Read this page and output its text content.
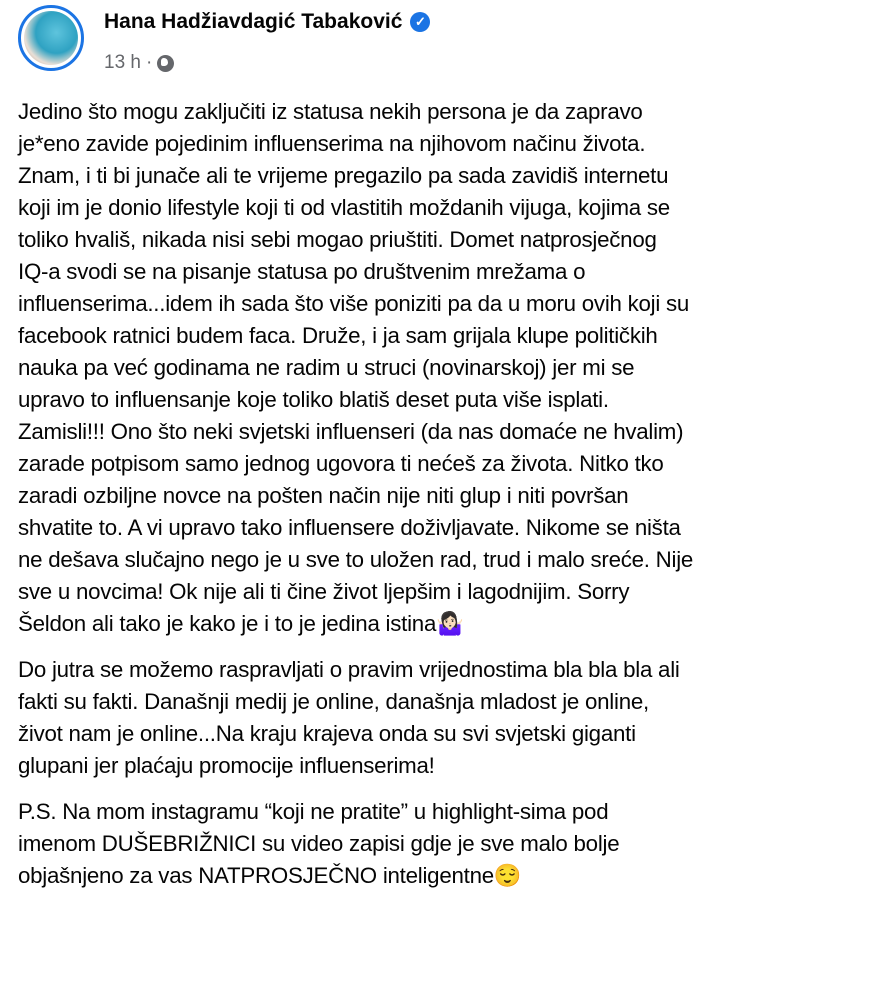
Hana Hadžiavdagić Tabaković ✓
13 h ·
Jedino što mogu zaključiti iz statusa nekih persona je da zapravo
je*eno zavide pojedinim influenserima na njihovom načinu života.
Znam, i ti bi junače ali te vrijeme pregazilo pa sada zavidiš internetu
koji im je donio lifestyle koji ti od vlastitih moždanih vijuga, kojima se
toliko hvališ, nikada nisi sebi mogao priuštiti. Domet natprosječnog
IQ-a svodi se na pisanje statusa po društvenim mrežama o
influenserima...idem ih sada što više poniziti pa da u moru ovih koji su
facebook ratnici budem faca. Druže, i ja sam grijala klupe političkih
nauka pa već godinama ne radim u struci (novinarskoj) jer mi se
upravo to influensanje koje toliko blatiš deset puta više isplati.
Zamisli!!! Ono što neki svjetski influenseri (da nas domaće ne hvalim)
zarade potpisom samo jednog ugovora ti nećeš za života. Nitko tko
zaradi ozbiljne novce na pošten način nije niti glup i niti površan
shvatite to. A vi upravo tako influensere doživljavate. Nikome se ništa
ne dešava slučajno nego je u sve to uložen rad, trud i malo sreće. Nije
sve u novcima! Ok nije ali ti čine život ljepšim i lagodnijim. Sorry
Šeldon ali tako je kako je i to je jedina istina🤷🏻‍♀️
Do jutra se možemo raspravljati o pravim vrijednostima bla bla bla ali
fakti su fakti. Današnji medij je online, današnja mladost je online,
život nam je online...Na kraju krajeva onda su svi svjetski giganti
glupani jer plaćaju promocije influenserima!
P.S. Na mom instagramu “koji ne pratite” u highlight-sima pod
imenom DUŠEBRIŽNICI su video zapisi gdje je sve malo bolje
objašnjeno za vas NATPROSJEČNO inteligentne😌
